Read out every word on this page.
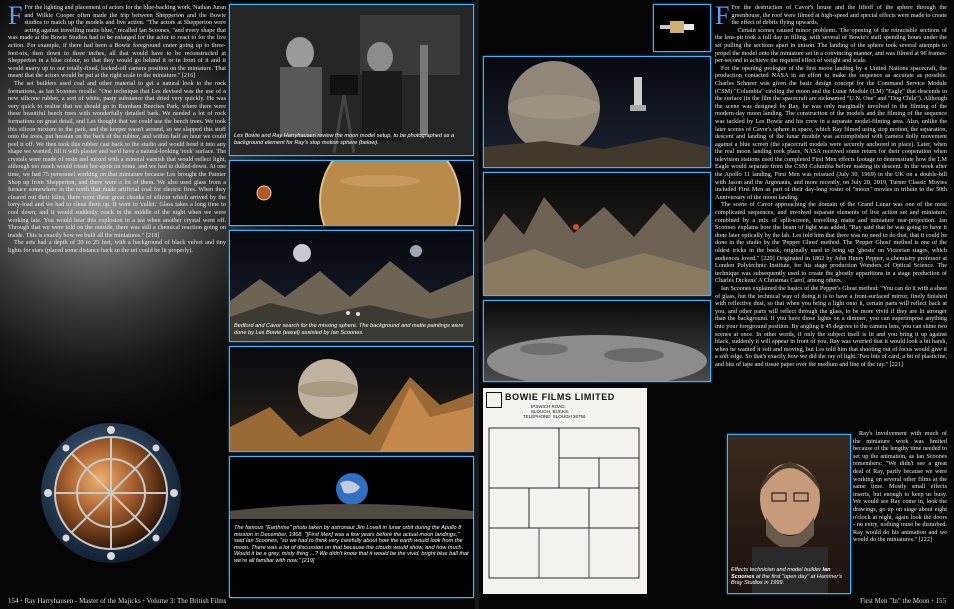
F For the lighting and placement of actors for the blue-backing work, Nathan Juran and Wilkie Cooper often made the trip between Shepperton and the Bowie studios to match up the models and live action. "The actors at Shepperton were acting against travelling matte blue," recalled Ian Scoones, "and every shape that was made at the Bowie Studios had to be enlarged for the actor to react to for the live action. For example, if there had been a Bowie foreground crater going up to three-foot-six, then down to three inches, all that would have to be reconstructed at Shepperton in a blue colour, so that they would go behind it or in front of it and it would marry up to our totally-fixed, locked-off camera position on the miniature. That meant that the actors would be put at the right scale to the miniature." [216]

The set builders used coal and other material to get a natural look to the rock formations, as Ian Scoones recalls: "One technique that Les devised was the use of a new silicone rubber, a sort of white, pasty substance that dried very quickly. He was very quick to realise that we should go to Burnham Beeches Park, where there were these beautiful beech trees with wonderfully detailed bark. We needed a lot of rock formations on great detail, and Les thought that we could use the beech trees. We took this silicon mixture to the park, and the keeper wasn't around, so we slapped this stuff onto the trees, put hessian on the back of the rubber, and within half an hour we could peel it off. We then took this rubber cast back to the studio and would bend it into any shape we wanted, fill it with plaster and we'd have a natural-looking 'rock' surface. The crystals were made of resin and mixed with a mineral varnish that would reflect light, although too much would create hot-spots on some, and we had to dulled-down. At one time, we had 75 personnel working on that miniature because Les brought the Painter Shop up from Shepperton, and there were a lot of them. We also used glass from a furnace somewhere in the north that made artificial coal for electric fires. When they cleared out their kilns, there were these great chunks of silicon which arrived by the lorry-load and we had to clean them up. It went to 'cullet.' Glass takes a long time to cool down, and it would suddenly crack in the middle of the night when we were working late. You would hear this explosion in a tea when another crystal went off. Through that we were told on the outside, there was still a chemical reaction going on inside. This is exactly how we built all the miniatures." [218]

The sets had a depth of 20 to 25 feet, with a background of black velvet and tiny lights for stars (placed some distance back so the set could be lit properly).

Les Bowie and Ray Harryhausen review the moon model setup, to be photographed as a background element for Ray's stop motion sphere (below).
Bedford and Cavor search for the missing sphere. The background and matte paintings were done by Les Bowie (easel) assisted by Ian Scoones.
The famous "Earthrise" photo taken by astronaut Jim Lovell in lunar orbit during the Apollo 8 mission in December, 1968. "[First Men] was a few years before the actual moon landings," said Ian Scoones, "so we had to think very carefully about how the earth would look from the moon. There was a lot of discussion on that because the clouds would show, and how much. Would it be a grey, misty thing ...? We didn't know that it would be the vivid, bright blue ball that we're all familiar with now." [219]
154 • Ray Harryhausen - Master of the Majicks • Volume 3: The British Films
BOWIE FILMS LIMITED
IPSWICH ROAD,
SLOUGH, BUCKS.
TELEPHONE: SLOUGH 26756
Effects technician and model builder Ian Scoones at the first "open day" at Hammer's Bray Studios in 1999.

F For the destruction of Cavor's house and the liftoff of the sphere through the greenhouse, the roof were filmed at high-speed and special effects were made to create the effect of debris flying upwards.

Certain scenes caused minor problems. The opening of the retractable sections of the lens-pit took a full day in filling, with several of Bowie's staff spending hours under the set pulling the sections apart in unison. The landing of the sphere took several attempts to propel the model onto the miniature set in a convincing manner, and was filmed at 96 frames-per-second to achieve the required effect of weight and scale.

For the opening prologue of the first moon landing by a United Nations spacecraft, the production contacted NASA in an effort to make the sequence as accurate as possible. Charles Schneer was given the basic design concept for the Command Service Module (CSM) "Columbia" circling the moon and the Lunar Module (LM) "Eagle" that descends to the surface (in the film the spacecraft are nicknamed "U.N. One" and "Dog Chile"). Although the scene was designed by Ray, he was only marginally involved in the filming of the modern-day moon landing. The construction of the models and the filming of the sequence was tackled by Les Bowie and his crew in a separate model-filming area. Also, unlike the later scenes of Cavor's sphere in space, which Ray filmed using stop motion, the separation, descent and landing of the lunar module was accomplished with camera dolly movement against a blue screen (the spacecraft models were securely anchored in place). Later, when the real moon landing took place, NASA received some return for their cooperation when television stations used the completed First Men effects footage to demonstrate how the LM Eagle would separate from the CSM Columbia before making its descent. In the week after the Apollo 11 landing, First Men was reissued (July 30, 1969) in the UK on a double-bill with Jason and the Argonauts, and more recently, on July 20, 2019, Turner Classic Movies included First Men as part of their day-long roster of "moon" movies in tribute to the 50th Anniversary of the moon landing.

The scene of Cavor approaching the domain of the Grand Lunar was one of the most complicated sequences, and involved separate elements of live action set and miniature, combined by a mix of split-screen, travelling matte and miniature rear-projection. Ian Scoones explains how the beam of light was added: "Ray said that he was going to have it done later optically by the lab. Les told him that there was no need to do that, that it could be done in the studio by the 'Pepper Ghost' method. The 'Pepper Ghost' method is one of the oldest tricks in the book, originally used to bring up 'ghosts' on Victorian stages, which audiences loved." [220] Originated in 1862 by John Henry Pepper, a chemistry professor at London Polytechnic Institute, for his stage production Wonders of Optical Science. The technique was subsequently used to create the ghostly apparitions in a stage production of Charles Dickens' A Christmas Carol, among others.

Ian Scoones explained the basics of the Pepper's Ghost method: "You can do it with a sheet of glass, but the technical way of doing it is to have a front-surfaced mirror, finely finished with reflective dust, so that when you bring a light onto it, certain parts will reflect back at you, and other parts will reflect through the glass, to be more vivid if they are lit stronger than the background. If you have those lights on a dimmer, you can superimpose anything into your foreground position. By angling it 45 degrees to the camera lens, you can shine two scenes at once. In other words, if only the subject itself is lit and you bring it up against black, suddenly it will appear in front of you. Ray was worried that it would look a bit harsh, when he wanted it soft and moving, but Les told him that shooting out of focus would give it a soft edge. So that's exactly how we did the ray of light. Two bits of card, a bit of plasticine, and bits of tape and tissue paper over the medium and line of the ray." [221]

Ray's involvement with much of the miniature work was limited because of the lengthy time needed to set up the animation, as Ian Scoones remembers: "We didn't see a great deal of Ray, partly because we were working on several other films at the same time. Mostly small effects inserts, but enough to keep us busy. We would see Ray come in, look the drawings, go up on stage about eight o'clock at night, again look the doors - no entry, nothing must be disturbed. Ray would do his animation and we would do the miniatures." [222]

First Men "In" the Moon • 155
